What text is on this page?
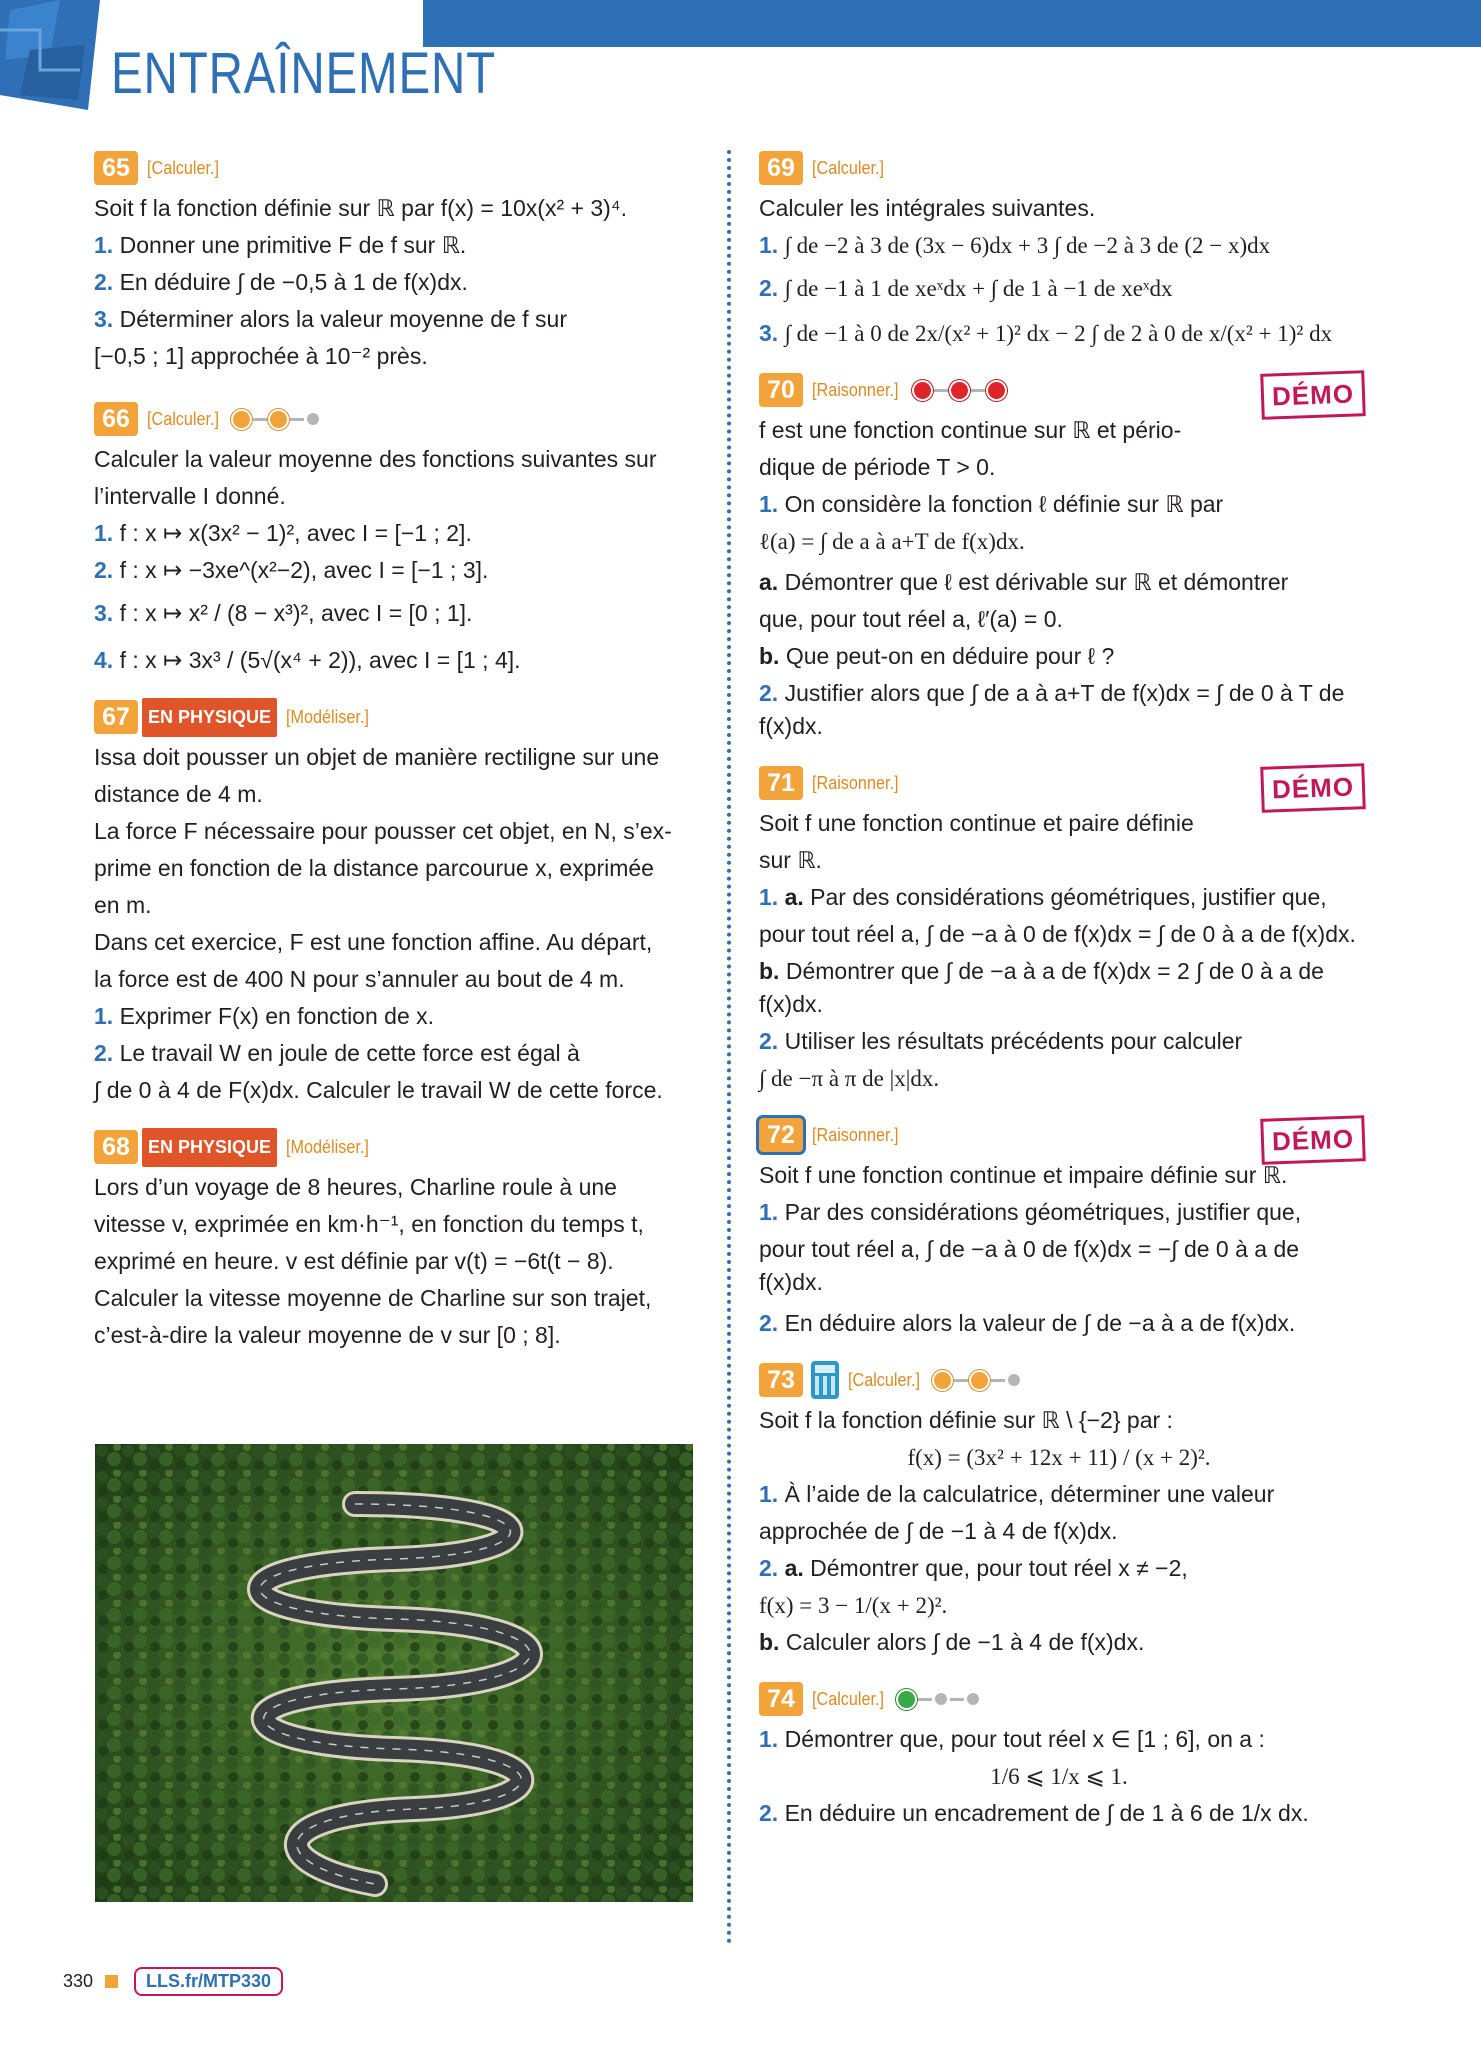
ENTRAÎNEMENT
65 [Calculer.]

Soit f la fonction définie sur ℝ par f(x) = 10x(x² + 3)⁴.

1. Donner une primitive F de f sur ℝ.

2. En déduire ∫ de −0,5 à 1 de f(x)dx.

3. Déterminer alors la valeur moyenne de f sur

[−0,5 ; 1] approchée à 10⁻² près.

66 [Calculer.]

Calculer la valeur moyenne des fonctions suivantes sur

l’intervalle I donné.

1. f : x ↦ x(3x² − 1)², avec I = [−1 ; 2].

2. f : x ↦ −3xe^(x²−2), avec I = [−1 ; 3].

3. f : x ↦ x² / (8 − x³)², avec I = [0 ; 1].

4. f : x ↦ 3x³ / (5√(x⁴ + 2)), avec I = [1 ; 4].

67	EN PHYSIQUE [Modéliser.]

Issa doit pousser un objet de manière rectiligne sur une

distance de 4 m.

La force F nécessaire pour pousser cet objet, en N, s’ex-

prime en fonction de la distance parcourue x, exprimée

en m.

Dans cet exercice, F est une fonction affine. Au départ,

la force est de 400 N pour s’annuler au bout de 4 m.

1. Exprimer F(x) en fonction de x.

2. Le travail W en joule de cette force est égal à

∫ de 0 à 4 de F(x)dx. Calculer le travail W de cette force.

68	EN PHYSIQUE [Modéliser.]

Lors d’un voyage de 8 heures, Charline roule à une

vitesse v, exprimée en km·h⁻¹, en fonction du temps t,

exprimé en heure. v est définie par v(t) = −6t(t − 8).

Calculer la vitesse moyenne de Charline sur son trajet,

c’est-à-dire la valeur moyenne de v sur [0 ; 8].

69 [Calculer.]

Calculer les intégrales suivantes.

1. ∫ de −2 à 3 de (3x − 6)dx + 3 ∫ de −2 à 3 de (2 − x)dx

2. ∫ de −1 à 1 de xeˣdx + ∫ de 1 à −1 de xeˣdx

3. ∫ de −1 à 0 de 2x/(x² + 1)² dx − 2 ∫ de 2 à 0 de x/(x² + 1)² dx

70 [Raisonner.]	DÉMO

f est une fonction continue sur ℝ et pério-

dique de période T > 0.

1. On considère la fonction ℓ définie sur ℝ par

ℓ(a) = ∫ de a à a+T de f(x)dx.

a. Démontrer que ℓ est dérivable sur ℝ et démontrer

que, pour tout réel a, ℓ′(a) = 0.

b. Que peut-on en déduire pour ℓ ?

2. Justifier alors que ∫ de a à a+T de f(x)dx = ∫ de 0 à T de f(x)dx.

71 [Raisonner.]	DÉMO

Soit f une fonction continue et paire définie

sur ℝ.

1. a. Par des considérations géométriques, justifier que,

pour tout réel a, ∫ de −a à 0 de f(x)dx = ∫ de 0 à a de f(x)dx.

b. Démontrer que ∫ de −a à a de f(x)dx = 2 ∫ de 0 à a de f(x)dx.

2. Utiliser les résultats précédents pour calculer

∫ de −π à π de |x|dx.

72 [Raisonner.]	DÉMO

Soit f une fonction continue et impaire définie sur ℝ.

1. Par des considérations géométriques, justifier que,

pour tout réel a, ∫ de −a à 0 de f(x)dx = −∫ de 0 à a de f(x)dx.

2. En déduire alors la valeur de ∫ de −a à a de f(x)dx.

73	[Calculer.]

Soit f la fonction définie sur ℝ \ {−2} par :

f(x) = (3x² + 12x + 11) / (x + 2)².

1. À l’aide de la calculatrice, déterminer une valeur

approchée de ∫ de −1 à 4 de f(x)dx.

2. a. Démontrer que, pour tout réel x ≠ −2,

f(x) = 3 − 1/(x + 2)².

b. Calculer alors ∫ de −1 à 4 de f(x)dx.

74 [Calculer.]

1. Démontrer que, pour tout réel x ∈ [1 ; 6], on a :

1/6 ⩽ 1/x ⩽ 1.

2. En déduire un encadrement de ∫ de 1 à 6 de 1/x dx.

330	LLS.fr/MTP330
